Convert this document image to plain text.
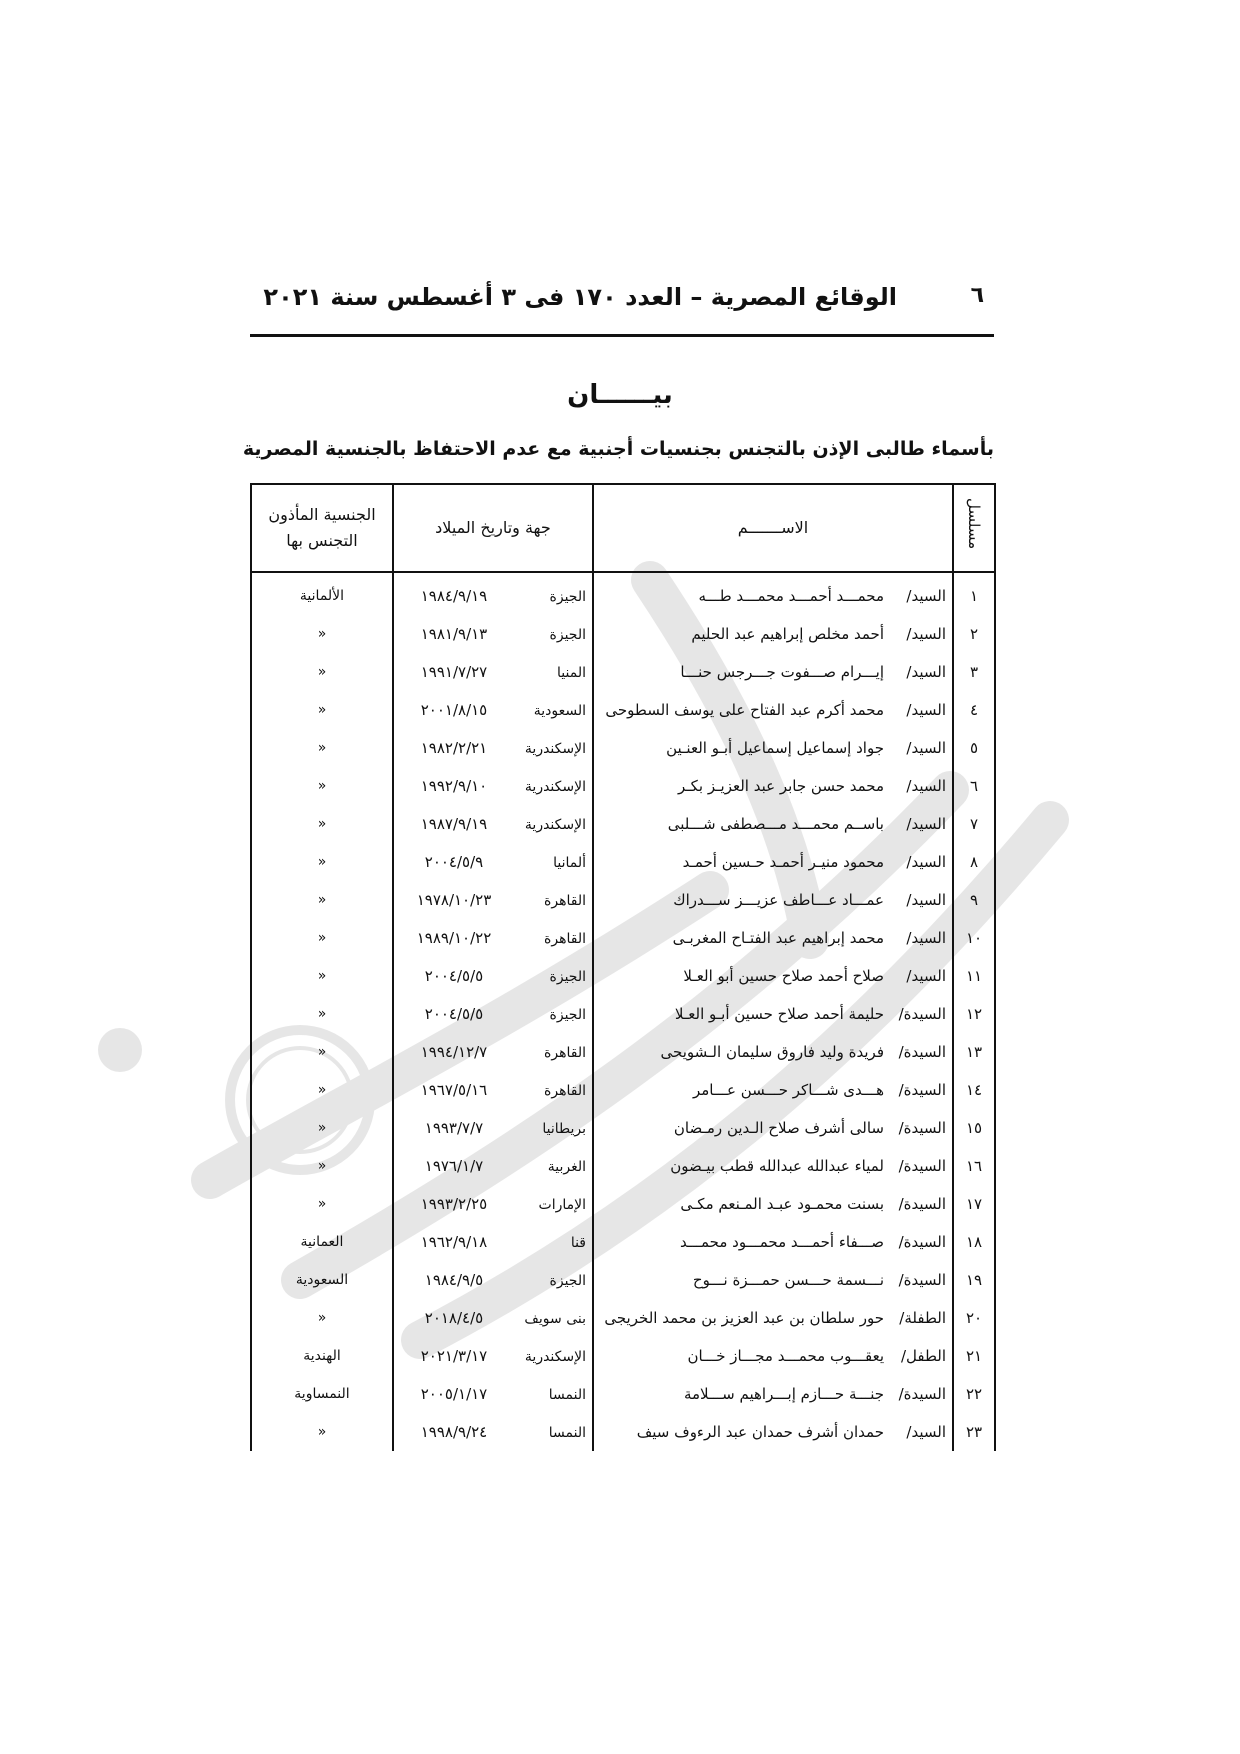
٦
الوقائع المصرية – العدد ١٧٠ فى ٣ أغسطس سنة ٢٠٢١
بيــــــان
بأسماء طالبى الإذن بالتجنس بجنسيات أجنبية مع عدم الاحتفاظ بالجنسية المصرية
مسلسل	الاســـــــم	جهة وتاريخ الميلاد	الجنسية المأذون التجنس بها
١	السيد/محمـــد أحمـــد محمـــد طـــه	الجيزة١٩٨٤/٩/١٩	الألمانية
٢	السيد/أحمد مخلص إبراهيم عبد الحليم	الجيزة١٩٨١/٩/١٣	«
٣	السيد/إيـــرام صـــفوت جـــرجس حنـــا	المنيا١٩٩١/٧/٢٧	«
٤	السيد/محمد أكرم عبد الفتاح على يوسف السطوحى	السعودية٢٠٠١/٨/١٥	«
٥	السيد/جواد إسماعيل إسماعيل أبـو العنـين	الإسكندرية١٩٨٢/٢/٢١	«
٦	السيد/محمد حسن جابر عبد العزيـز بكـر	الإسكندرية١٩٩٢/٩/١٠	«
٧	السيد/باســم محمـــد مـــصطفى شـــلبى	الإسكندرية١٩٨٧/٩/١٩	«
٨	السيد/محمود منيـر أحمـد حـسين أحمـد	ألمانيا٢٠٠٤/٥/٩	«
٩	السيد/عمـــاد عـــاطف عزيـــز ســـدراك	القاهرة١٩٧٨/١٠/٢٣	«
١٠	السيد/محمد إبراهيم عبد الفتـاح المغربـى	القاهرة١٩٨٩/١٠/٢٢	«
١١	السيد/صلاح أحمد صلاح حسين أبو العـلا	الجيزة٢٠٠٤/٥/٥	«
١٢	السيدة/حليمة أحمد صلاح حسين أبـو العـلا	الجيزة٢٠٠٤/٥/٥	«
١٣	السيدة/فريدة وليد فاروق سليمان الـشويحى	القاهرة١٩٩٤/١٢/٧	«
١٤	السيدة/هـــدى شـــاكر حـــسن عـــامر	القاهرة١٩٦٧/٥/١٦	«
١٥	السيدة/سالى أشرف صلاح الـدين رمـضان	بريطانيا١٩٩٣/٧/٧	«
١٦	السيدة/لمياء عبدالله عبدالله قطب بيـضون	الغربية١٩٧٦/١/٧	«
١٧	السيدة/بسنت محمـود عبـد المـنعم مكـى	الإمارات١٩٩٣/٢/٢٥	«
١٨	السيدة/صـــفاء أحمـــد محمـــود محمـــد	قنا١٩٦٢/٩/١٨	العمانية
١٩	السيدة/نـــسمة حـــسن حمـــزة نـــوح	الجيزة١٩٨٤/٩/٥	السعودية
٢٠	الطفلة/حور سلطان بن عبد العزيز بن محمد الخريجى	بنى سويف٢٠١٨/٤/٥	«
٢١	الطفل/يعقـــوب محمـــد مجـــاز خـــان	الإسكندرية٢٠٢١/٣/١٧	الهندية
٢٢	السيدة/جنـــة حـــازم إبـــراهيم ســـلامة	النمسا٢٠٠٥/١/١٧	النمساوية
٢٣	السيد/حمدان أشرف حمدان عبد الرءوف سيف	النمسا١٩٩٨/٩/٢٤	«
